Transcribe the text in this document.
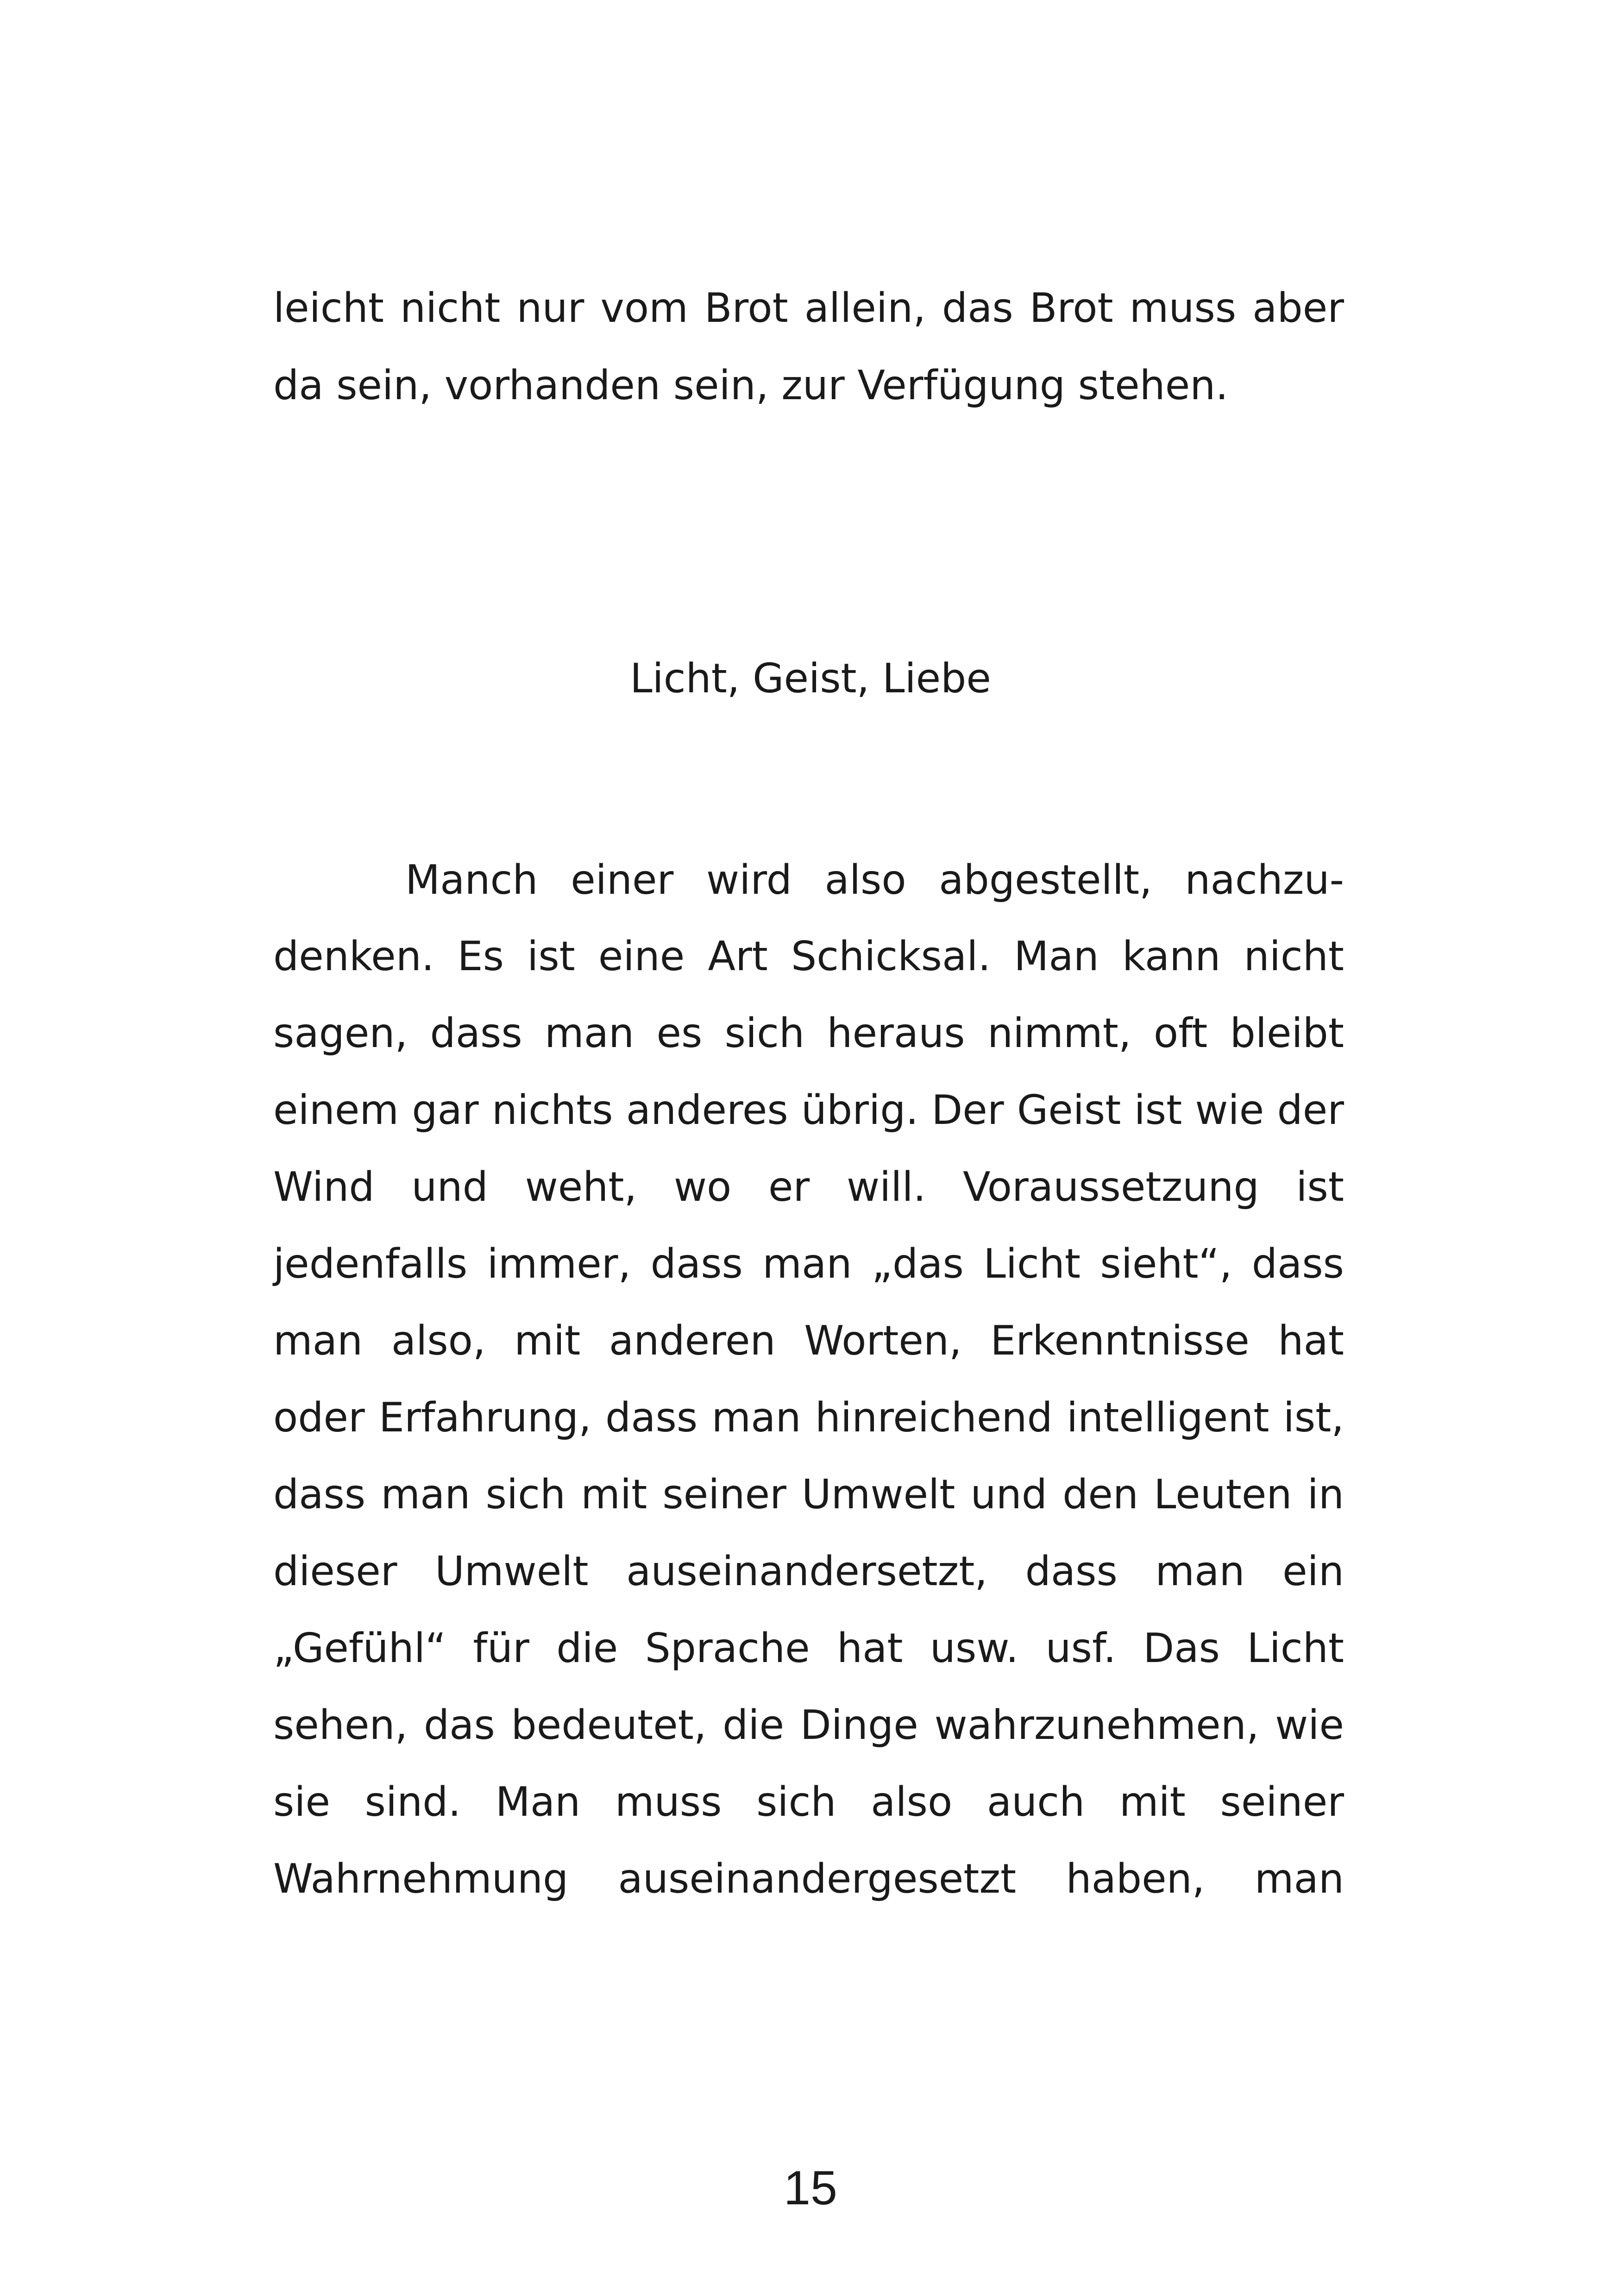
leicht nicht nur vom Brot allein, das Brot muss aber
da sein, vorhanden sein, zur Verfügung stehen.
Licht, Geist, Liebe
Manch einer wird also abgestellt, nachzu-
denken. Es ist eine Art Schicksal. Man kann nicht
sagen, dass man es sich heraus nimmt, oft bleibt
einem gar nichts anderes übrig. Der Geist ist wie der
Wind und weht, wo er will. Voraussetzung ist
jedenfalls immer, dass man „das Licht sieht“, dass
man also, mit anderen Worten, Erkenntnisse hat
oder Erfahrung, dass man hinreichend intelligent ist,
dass man sich mit seiner Umwelt und den Leuten in
dieser Umwelt auseinandersetzt, dass man ein
„Gefühl“ für die Sprache hat usw. usf. Das Licht
sehen, das bedeutet, die Dinge wahrzunehmen, wie
sie sind. Man muss sich also auch mit seiner
Wahrnehmung auseinandergesetzt haben, man
15
